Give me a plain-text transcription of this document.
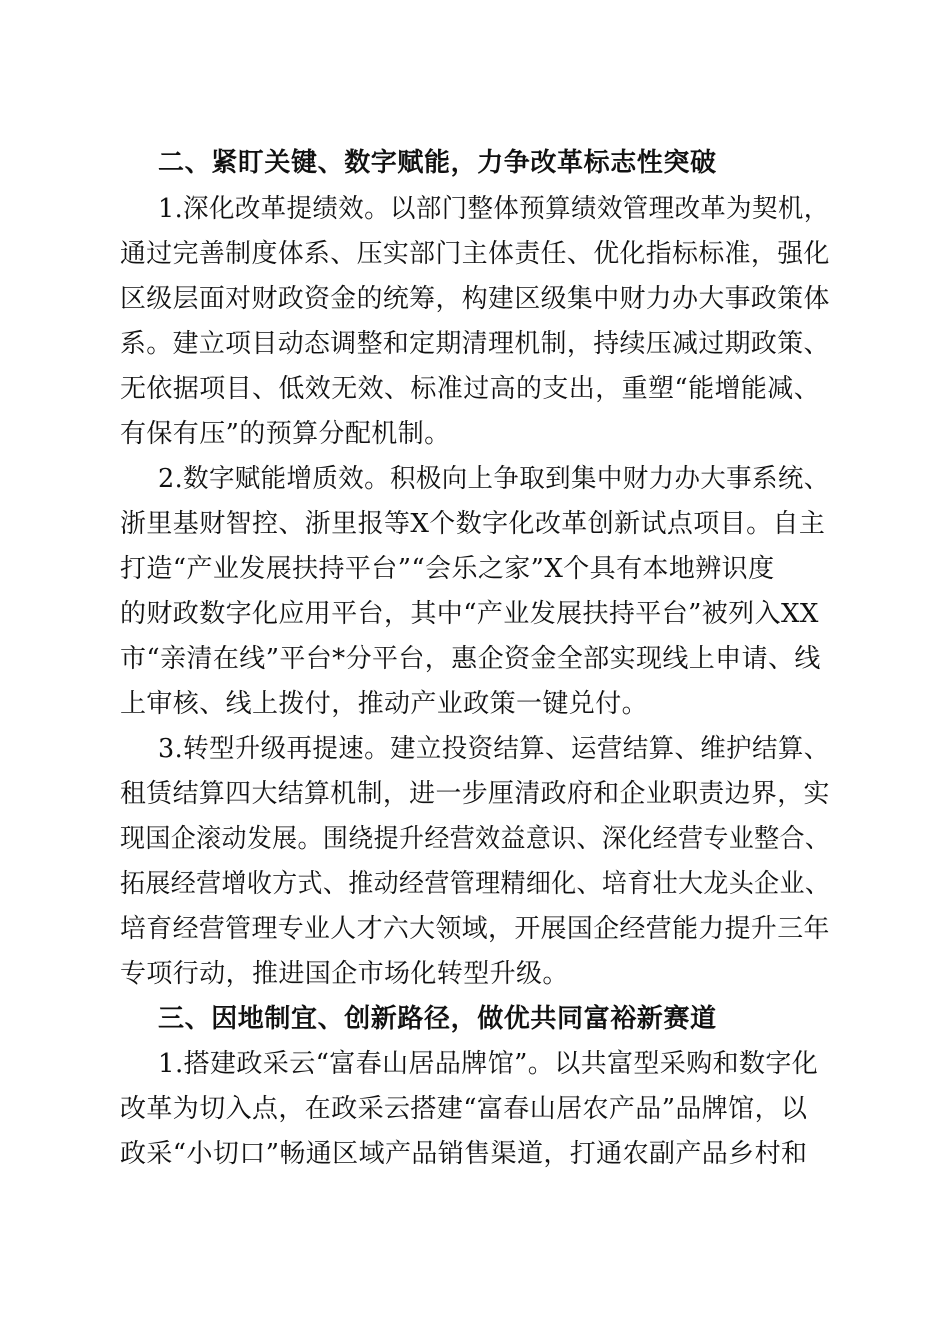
二、紧盯关键、数字赋能，力争改革标志性突破
1.深化改革提绩效。以部门整体预算绩效管理改革为契机，
通过完善制度体系、压实部门主体责任、优化指标标准，强化
区级层面对财政资金的统筹，构建区级集中财力办大事政策体
系。建立项目动态调整和定期清理机制，持续压减过期政策、
无依据项目、低效无效、标准过高的支出，重塑“能增能减、
有保有压”的预算分配机制。
2.数字赋能增质效。积极向上争取到集中财力办大事系统、
浙里基财智控、浙里报等X个数字化改革创新试点项目。自主
打造“产业发展扶持平台”“会乐之家”X个具有本地辨识度
的财政数字化应用平台，其中“产业发展扶持平台”被列入XX
市“亲清在线”平台*分平台，惠企资金全部实现线上申请、线
上审核、线上拨付，推动产业政策一键兑付。
3.转型升级再提速。建立投资结算、运营结算、维护结算、
租赁结算四大结算机制，进一步厘清政府和企业职责边界，实
现国企滚动发展。围绕提升经营效益意识、深化经营专业整合、
拓展经营增收方式、推动经营管理精细化、培育壮大龙头企业、
培育经营管理专业人才六大领域，开展国企经营能力提升三年
专项行动，推进国企市场化转型升级。
三、因地制宜、创新路径，做优共同富裕新赛道
1.搭建政采云“富春山居品牌馆”。以共富型采购和数字化
改革为切入点，在政采云搭建“富春山居农产品”品牌馆，以
政采“小切口”畅通区域产品销售渠道，打通农副产品乡村和
